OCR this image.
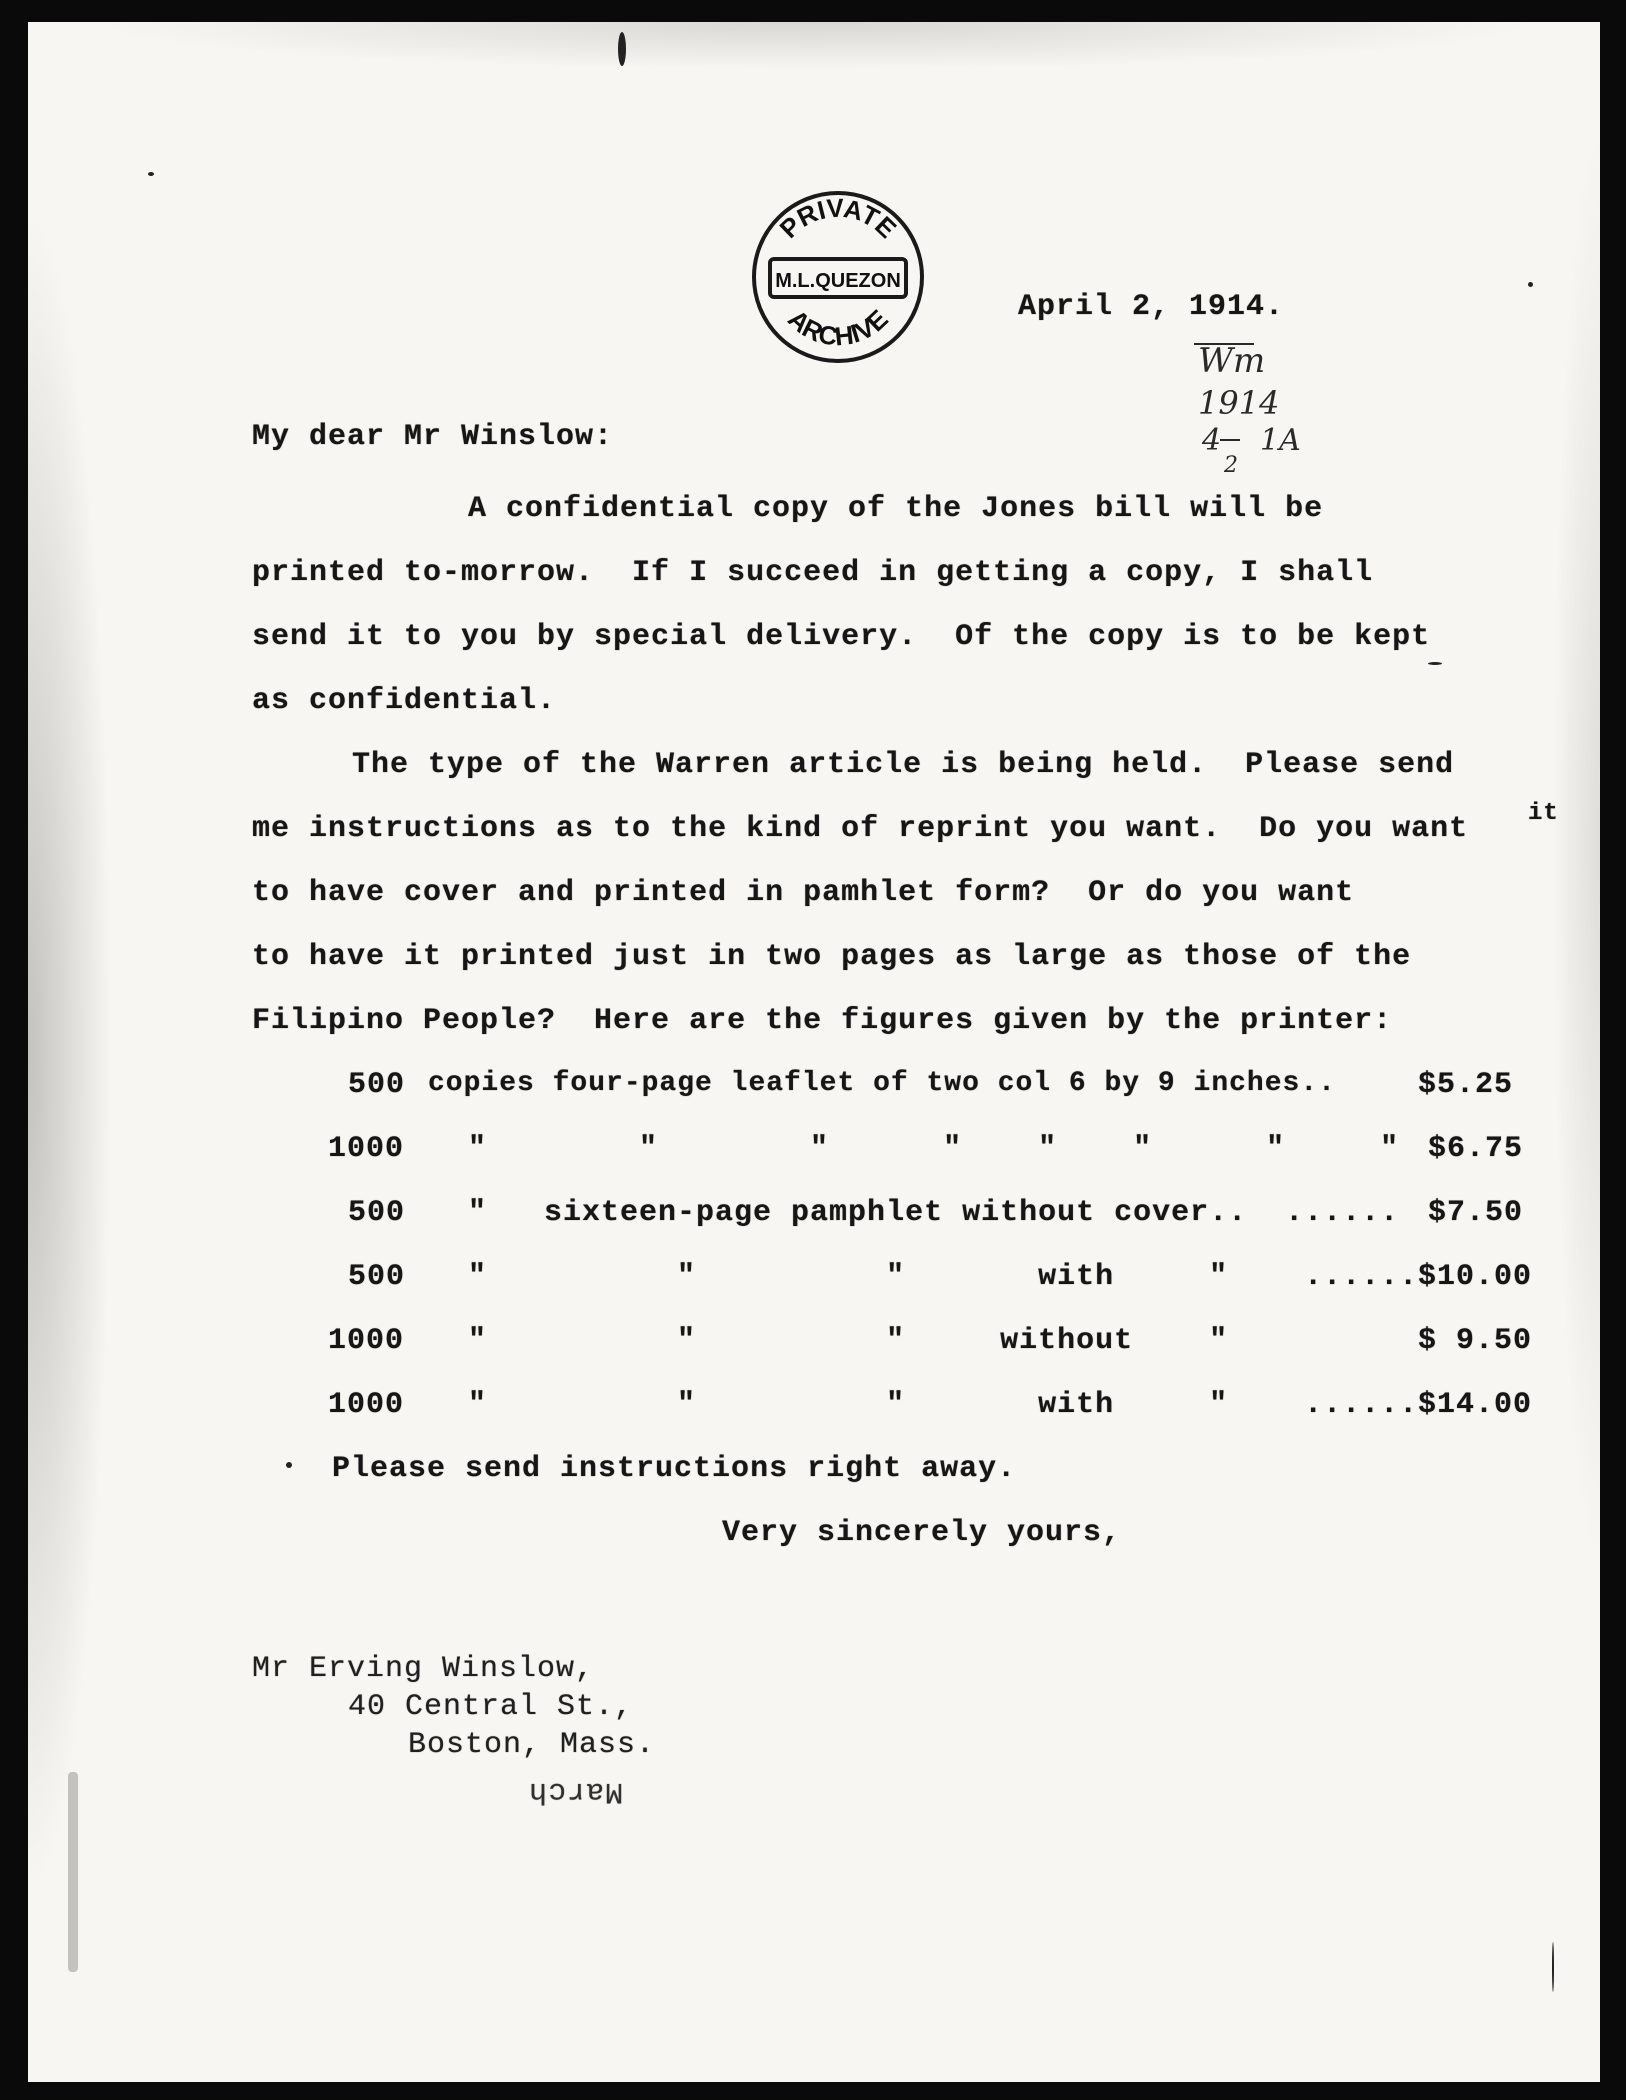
PRIVATE
M.L.QUEZON
ARCHIVE	April 2, 1914.
Wm
1914
4
2
1A
My dear Mr Winslow:
A confidential copy of the Jones bill will be
printed to-morrow.  If I succeed in getting a copy, I shall
send it to you by special delivery.  Of the copy is to be kept
as confidential.
The type of the Warren article is being held.  Please send
me instructions as to the kind of reprint you want.  Do you want it
to have cover and printed in pamhlet form?  Or do you want
to have it printed just in two pages as large as those of the
Filipino People?  Here are the figures given by the printer:
500 copies four-page leaflet of two col 6 by 9 inches..	$5.25
1000 "        "        "      "    "    "      "     " $6.75
500 "   sixteen-page pamphlet without cover..  ...... $7.50
500 "          "          "       with     "    ...... $10.00
1000 "          "          "     without    "	$ 9.50
1000 "          "          "       with     "    ...... $14.00
Please send instructions right away.
Very sincerely yours,
Mr Erving Winslow,
40 Central St.,
Boston, Mass.
March
